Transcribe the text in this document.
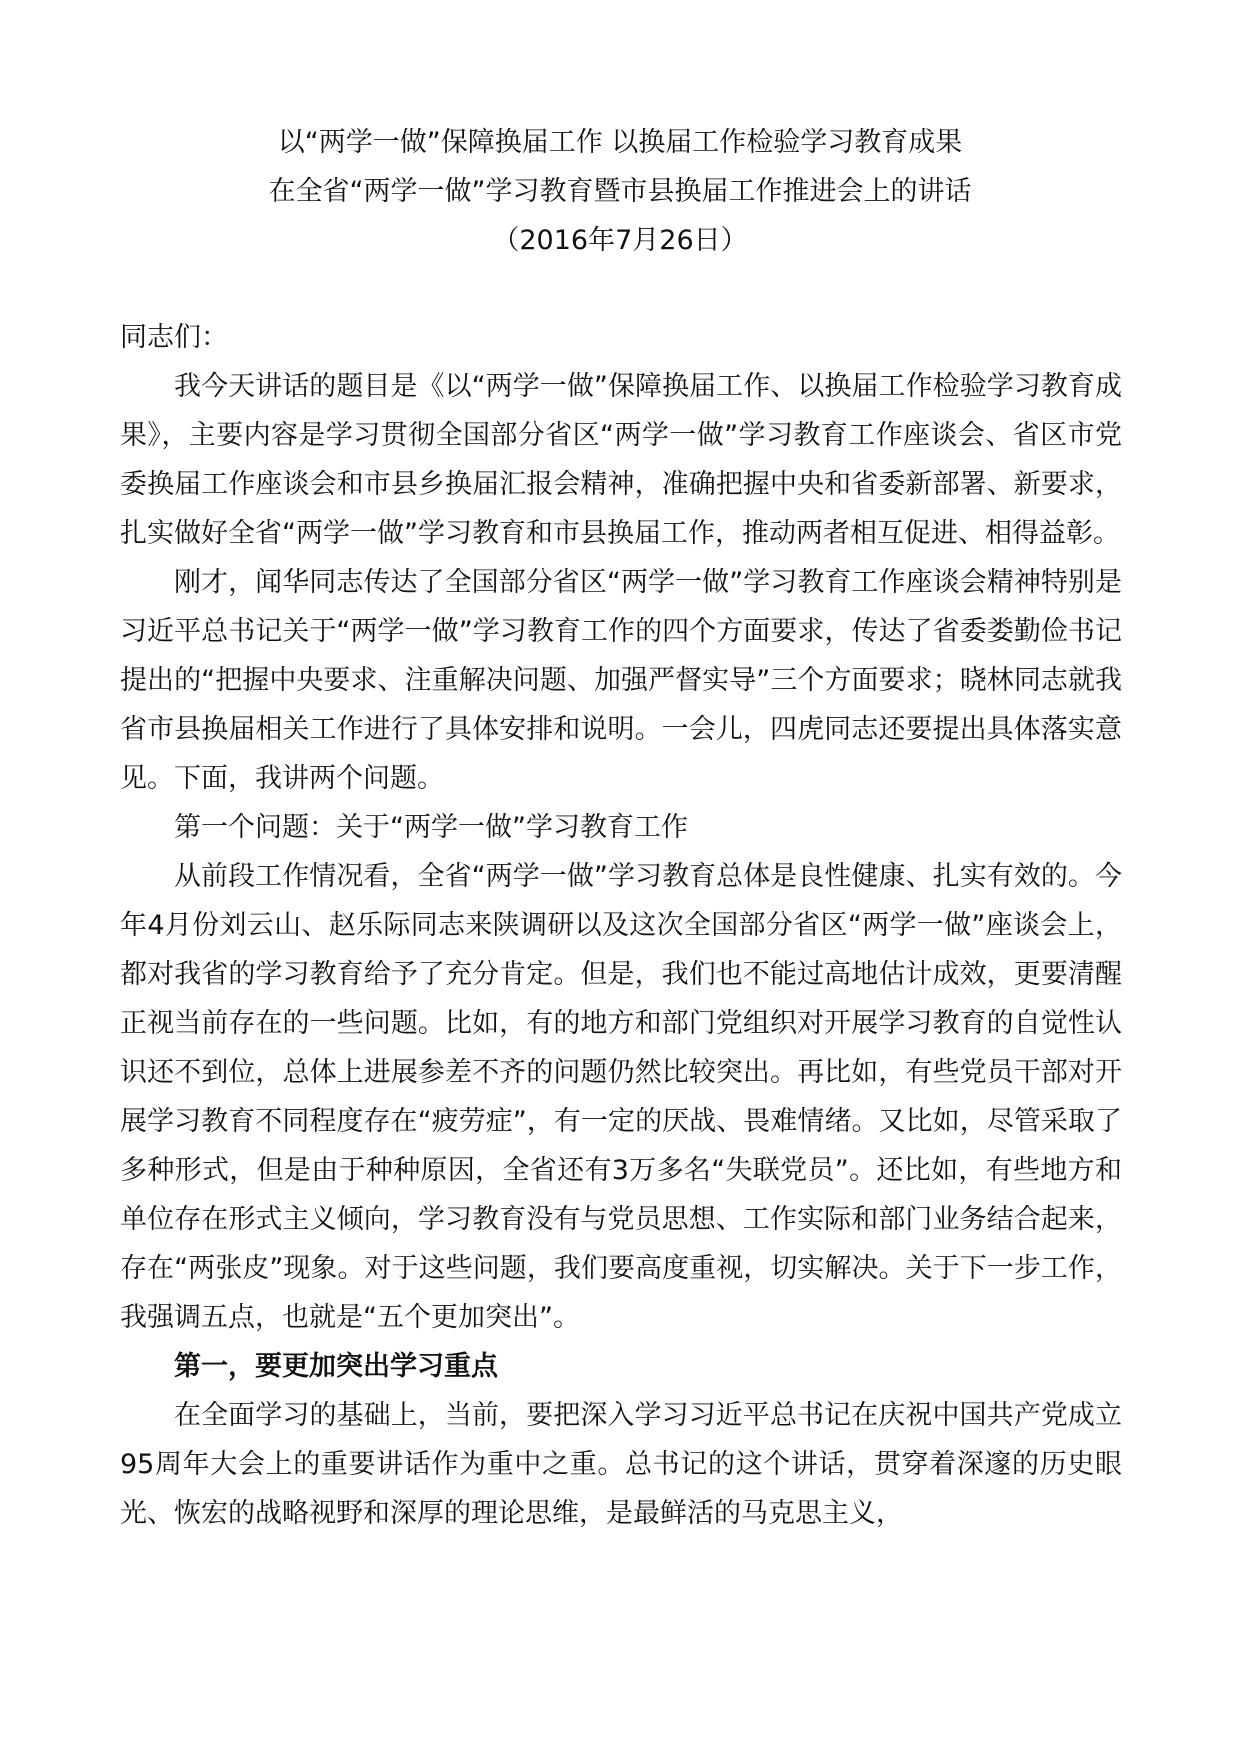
以“两学一做”保障换届工作 以换届工作检验学习教育成果

在全省“两学一做”学习教育暨市县换届工作推进会上的讲话

（2016年7月26日）

同志们：

我今天讲话的题目是《以“两学一做”保障换届工作、以换届工作检验学习教育成果》，主要内容是学习贯彻全国部分省区“两学一做”学习教育工作座谈会、省区市党委换届工作座谈会和市县乡换届汇报会精神，准确把握中央和省委新部署、新要求，扎实做好全省“两学一做”学习教育和市县换届工作，推动两者相互促进、相得益彰。

刚才，闻华同志传达了全国部分省区“两学一做”学习教育工作座谈会精神特别是习近平总书记关于“两学一做”学习教育工作的四个方面要求，传达了省委娄勤俭书记提出的“把握中央要求、注重解决问题、加强严督实导”三个方面要求；晓林同志就我省市县换届相关工作进行了具体安排和说明。一会儿，四虎同志还要提出具体落实意见。下面，我讲两个问题。

第一个问题：关于“两学一做”学习教育工作

从前段工作情况看，全省“两学一做”学习教育总体是良性健康、扎实有效的。今年4月份刘云山、赵乐际同志来陕调研以及这次全国部分省区“两学一做”座谈会上，都对我省的学习教育给予了充分肯定。但是，我们也不能过高地估计成效，更要清醒正视当前存在的一些问题。比如，有的地方和部门党组织对开展学习教育的自觉性认识还不到位，总体上进展参差不齐的问题仍然比较突出。再比如，有些党员干部对开展学习教育不同程度存在“疲劳症”，有一定的厌战、畏难情绪。又比如，尽管采取了多种形式，但是由于种种原因，全省还有3万多名“失联党员”。还比如，有些地方和单位存在形式主义倾向，学习教育没有与党员思想、工作实际和部门业务结合起来，存在“两张皮”现象。对于这些问题，我们要高度重视，切实解决。关于下一步工作，我强调五点，也就是“五个更加突出”。

第一，要更加突出学习重点

在全面学习的基础上，当前，要把深入学习习近平总书记在庆祝中国共产党成立95周年大会上的重要讲话作为重中之重。总书记的这个讲话，贯穿着深邃的历史眼光、恢宏的战略视野和深厚的理论思维，是最鲜活的马克思主义，
